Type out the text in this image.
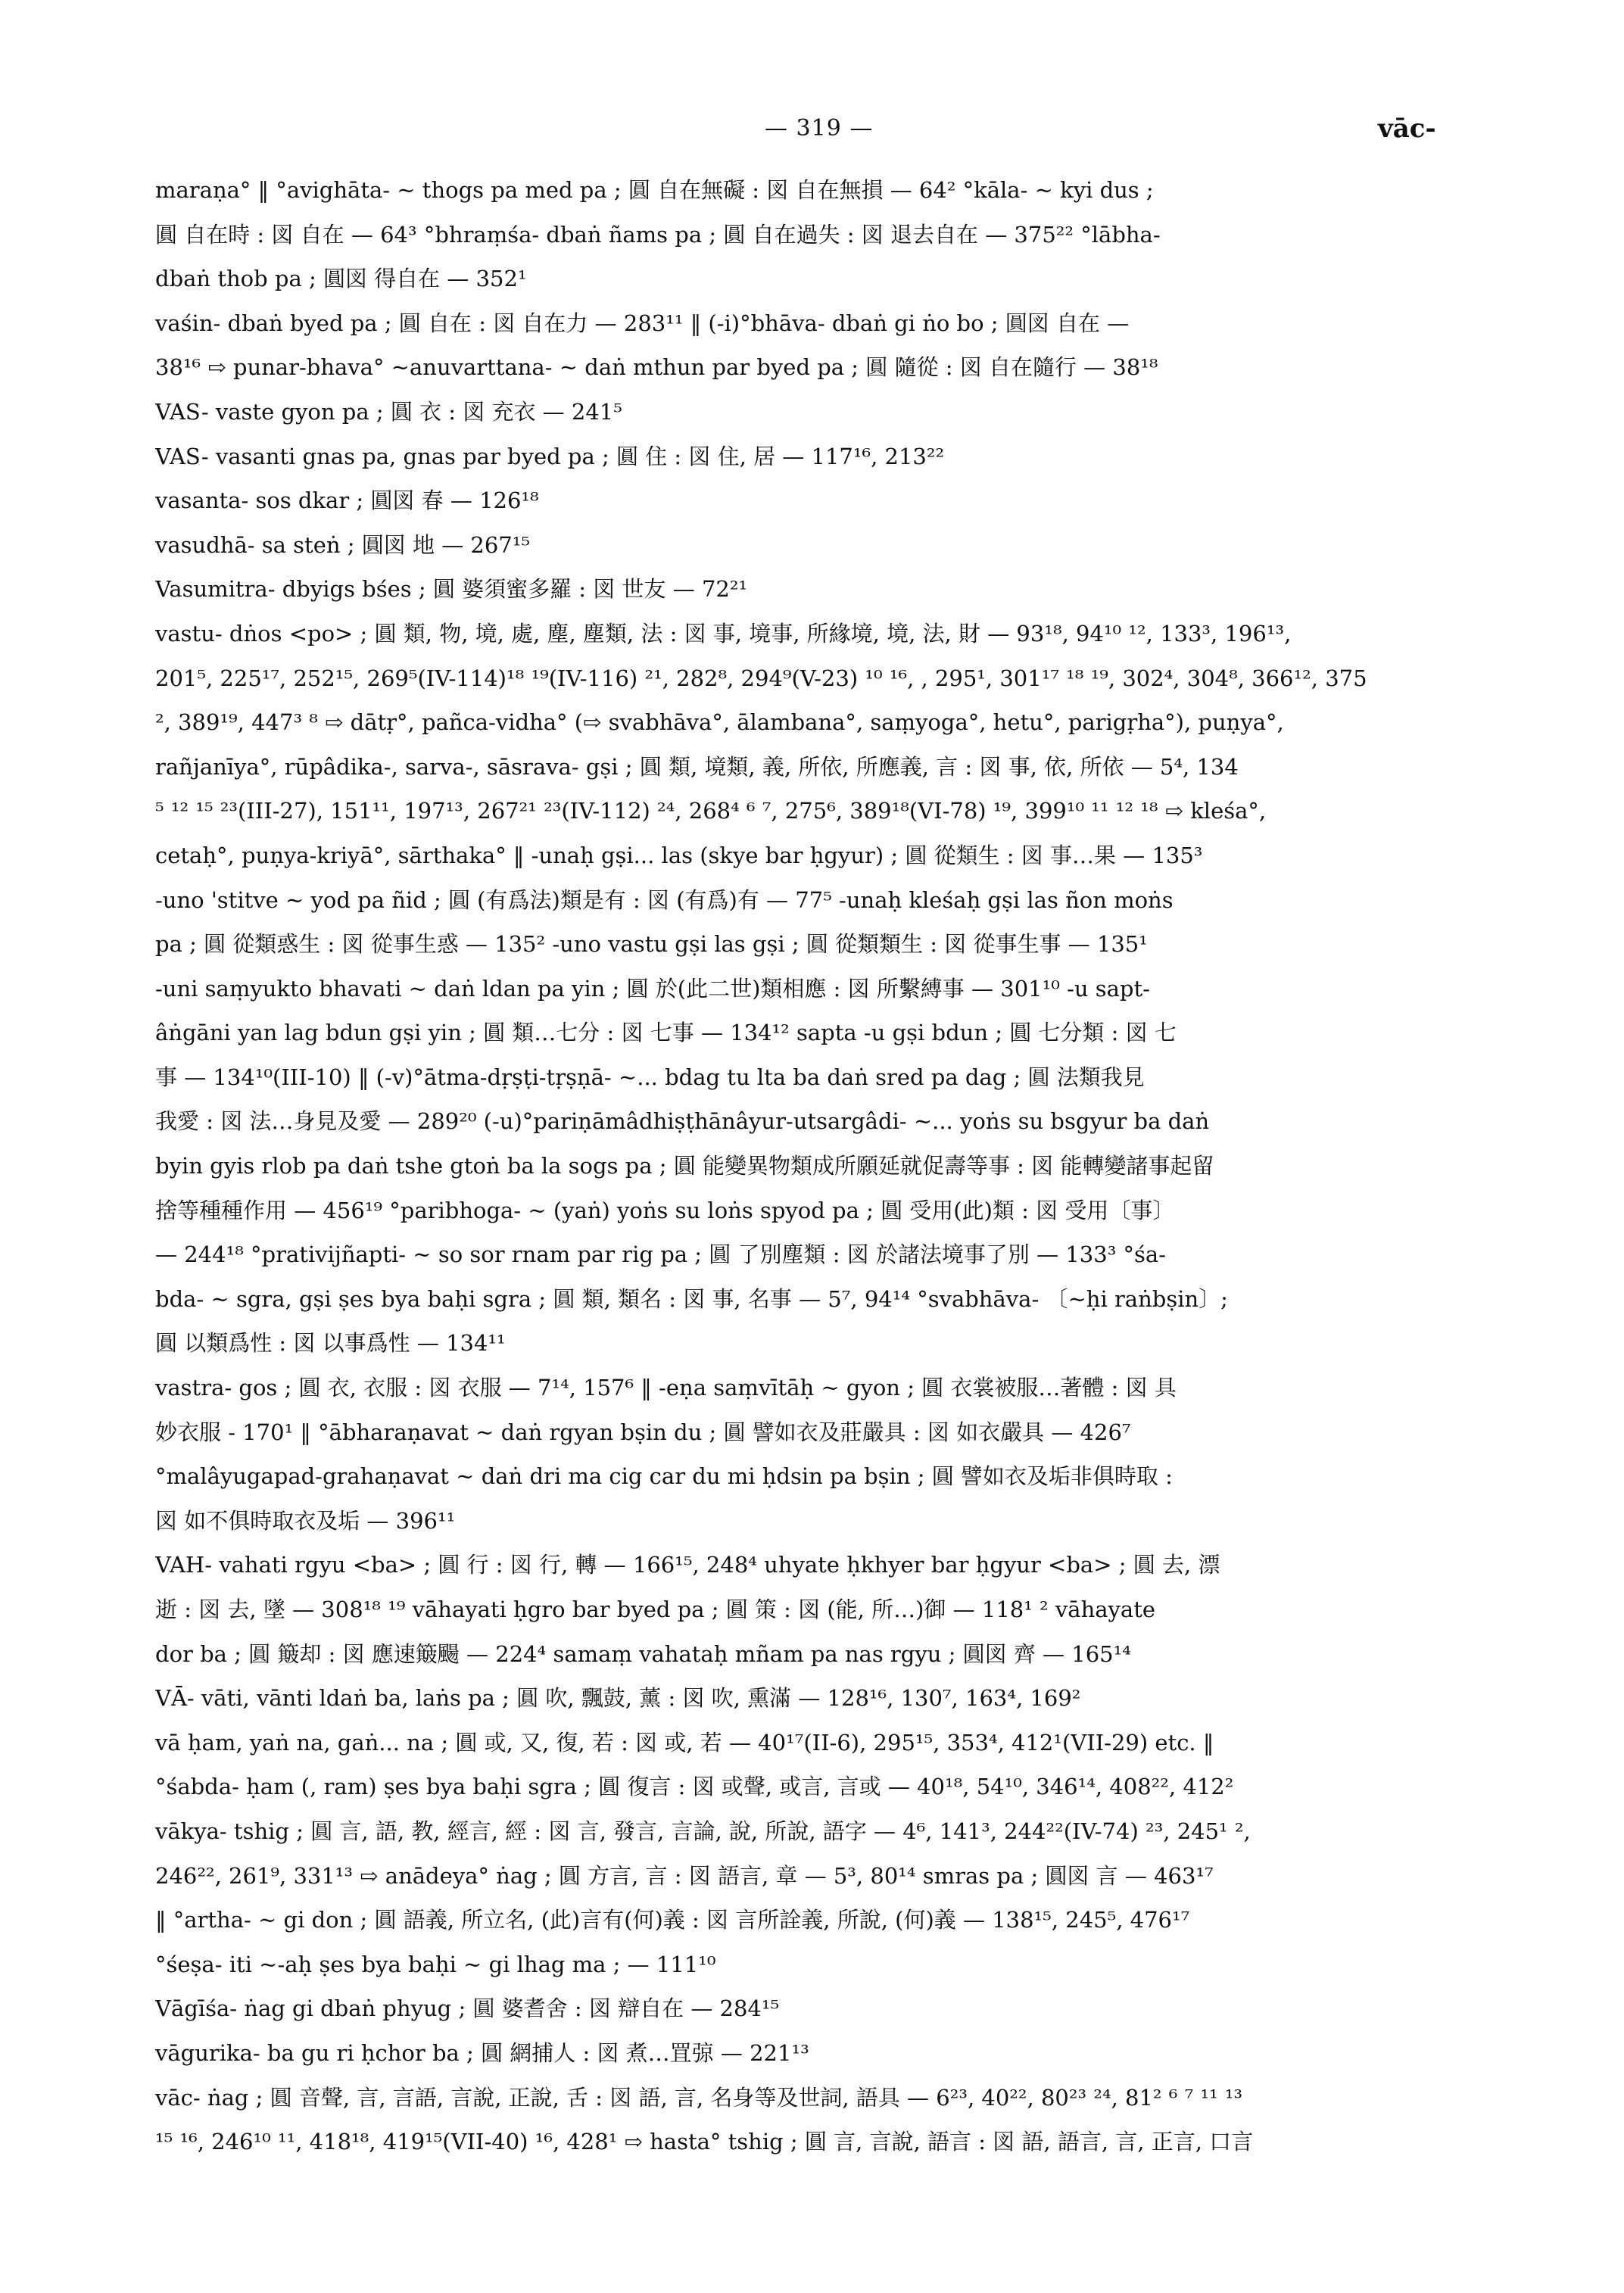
— 319 —	vāc-
maraṇa° ‖ °avighāta- ~ thogs pa med pa ; 圓 自在無礙 : 図 自在無損 — 64² °kāla- ~ kyi dus ;
圓 自在時 : 図 自在 — 64³ °bhraṃśa- dbaṅ ñams pa ; 圓 自在過失 : 図 退去自在 — 375²² °lābha-
dbaṅ thob pa ; 圓図 得自在 — 352¹
vaśin- dbaṅ byed pa ; 圓 自在 : 図 自在力 — 283¹¹ ‖ (-i)°bhāva- dbaṅ gi ṅo bo ; 圓図 自在 —
38¹⁶ ⇨ punar-bhava° ~anuvarttana- ~ daṅ mthun par byed pa ; 圓 隨從 : 図 自在隨行 — 38¹⁸
VAS- vaste gyon pa ; 圓 衣 : 図 充衣 — 241⁵
VAS- vasanti gnas pa, gnas par byed pa ; 圓 住 : 図 住, 居 — 117¹⁶, 213²²
vasanta- sos dkar ; 圓図 春 — 126¹⁸
vasudhā- sa steṅ ; 圓図 地 — 267¹⁵
Vasumitra- dbyigs bśes ; 圓 婆須蜜多羅 : 図 世友 — 72²¹
vastu- dṅos <po> ; 圓 類, 物, 境, 處, 塵, 塵類, 法 : 図 事, 境事, 所緣境, 境, 法, 財 — 93¹⁸, 94¹⁰ ¹², 133³, 196¹³,
201⁵, 225¹⁷, 252¹⁵, 269⁵(IV-114)¹⁸ ¹⁹(IV-116) ²¹, 282⁸, 294⁹(V-23) ¹⁰ ¹⁶, , 295¹, 301¹⁷ ¹⁸ ¹⁹, 302⁴, 304⁸, 366¹², 375
², 389¹⁹, 447³ ⁸ ⇨ dātṛ°, pañca-vidha° (⇨ svabhāva°, ālambana°, saṃyoga°, hetu°, parigṛha°), puṇya°,
rañjanīya°, rūpâdika-, sarva-, sāsrava- gṣi ; 圓 類, 境類, 義, 所依, 所應義, 言 : 図 事, 依, 所依 — 5⁴, 134
⁵ ¹² ¹⁵ ²³(III-27), 151¹¹, 197¹³, 267²¹ ²³(IV-112) ²⁴, 268⁴ ⁶ ⁷, 275⁶, 389¹⁸(VI-78) ¹⁹, 399¹⁰ ¹¹ ¹² ¹⁸ ⇨ kleśa°,
cetaḥ°, puṇya-kriyā°, sārthaka° ‖ -unaḥ gṣi... las (skye bar ḥgyur) ; 圓 從類生 : 図 事…果 — 135³
-uno 'stitve ~ yod pa ñid ; 圓 (有爲法)類是有 : 図 (有爲)有 — 77⁵ -unaḥ kleśaḥ gṣi las ñon moṅs
pa ; 圓 從類惑生 : 図 從事生惑 — 135² -uno vastu gṣi las gṣi ; 圓 從類類生 : 図 從事生事 — 135¹
-uni saṃyukto bhavati ~ daṅ ldan pa yin ; 圓 於(此二世)類相應 : 図 所繫縛事 — 301¹⁰ -u sapt-
âṅgāni yan lag bdun gṣi yin ; 圓 類…七分 : 図 七事 — 134¹² sapta -u gṣi bdun ; 圓 七分類 : 図 七
事 — 134¹⁰(III-10) ‖ (-v)°ātma-dṛṣṭi-tṛṣṇā- ~... bdag tu lta ba daṅ sred pa dag ; 圓 法類我見
我愛 : 図 法…身見及愛 — 289²⁰ (-u)°pariṇāmâdhiṣṭhānâyur-utsargâdi- ~... yoṅs su bsgyur ba daṅ
byin gyis rlob pa daṅ tshe gtoṅ ba la sogs pa ; 圓 能變異物類成所願延就促壽等事 : 図 能轉變諸事起留
捨等種種作用 — 456¹⁹ °paribhoga- ~ (yaṅ) yoṅs su loṅs spyod pa ; 圓 受用(此)類 : 図 受用〔事〕
— 244¹⁸ °prativijñapti- ~ so sor rnam par rig pa ; 圓 了別塵類 : 図 於諸法境事了別 — 133³ °śa-
bda- ~ sgra, gṣi ṣes bya baḥi sgra ; 圓 類, 類名 : 図 事, 名事 — 5⁷, 94¹⁴ °svabhāva- 〔~ḥi raṅbṣin〕;
圓 以類爲性 : 図 以事爲性 — 134¹¹
vastra- gos ; 圓 衣, 衣服 : 図 衣服 — 7¹⁴, 157⁶ ‖ -eṇa saṃvītāḥ ~ gyon ; 圓 衣裳被服…著體 : 図 具
妙衣服 - 170¹ ‖ °ābharaṇavat ~ daṅ rgyan bṣin du ; 圓 譬如衣及莊嚴具 : 図 如衣嚴具 — 426⁷
°malâyugapad-grahaṇavat ~ daṅ dri ma cig car du mi ḥdsin pa bṣin ; 圓 譬如衣及垢非俱時取 :
図 如不俱時取衣及垢 — 396¹¹
VAH- vahati rgyu <ba> ; 圓 行 : 図 行, 轉 — 166¹⁵, 248⁴ uhyate ḥkhyer bar ḥgyur <ba> ; 圓 去, 漂
逝 : 図 去, 墜 — 308¹⁸ ¹⁹ vāhayati ḥgro bar byed pa ; 圓 策 : 図 (能, 所…)御 — 118¹ ² vāhayate
dor ba ; 圓 簸却 : 図 應速簸颺 — 224⁴ samaṃ vahataḥ mñam pa nas rgyu ; 圓図 齊 — 165¹⁴
VĀ- vāti, vānti ldaṅ ba, laṅs pa ; 圓 吹, 飄鼓, 薰 : 図 吹, 熏滿 — 128¹⁶, 130⁷, 163⁴, 169²
vā ḥam, yaṅ na, gaṅ... na ; 圓 或, 又, 復, 若 : 図 或, 若 — 40¹⁷(II-6), 295¹⁵, 353⁴, 412¹(VII-29) etc. ‖
°śabda- ḥam (, ram) ṣes bya baḥi sgra ; 圓 復言 : 図 或聲, 或言, 言或 — 40¹⁸, 54¹⁰, 346¹⁴, 408²², 412²
vākya- tshig ; 圓 言, 語, 教, 經言, 經 : 図 言, 發言, 言論, 說, 所說, 語字 — 4⁶, 141³, 244²²(IV-74) ²³, 245¹ ²,
246²², 261⁹, 331¹³ ⇨ anādeya° ṅag ; 圓 方言, 言 : 図 語言, 章 — 5³, 80¹⁴ smras pa ; 圓図 言 — 463¹⁷
‖ °artha- ~ gi don ; 圓 語義, 所立名, (此)言有(何)義 : 図 言所詮義, 所說, (何)義 — 138¹⁵, 245⁵, 476¹⁷
°śeṣa- iti ~-aḥ ṣes bya baḥi ~ gi lhag ma ; — 111¹⁰
Vāgīśa- ṅag gi dbaṅ phyug ; 圓 婆耆舍 : 図 辯自在 — 284¹⁵
vāgurika- ba gu ri ḥchor ba ; 圓 網捕人 : 図 煮…罝弶 — 221¹³
vāc- ṅag ; 圓 音聲, 言, 言語, 言說, 正說, 舌 : 図 語, 言, 名身等及世詞, 語具 — 6²³, 40²², 80²³ ²⁴, 81² ⁶ ⁷ ¹¹ ¹³
¹⁵ ¹⁶, 246¹⁰ ¹¹, 418¹⁸, 419¹⁵(VII-40) ¹⁶, 428¹ ⇨ hasta° tshig ; 圓 言, 言說, 語言 : 図 語, 語言, 言, 正言, 口言
